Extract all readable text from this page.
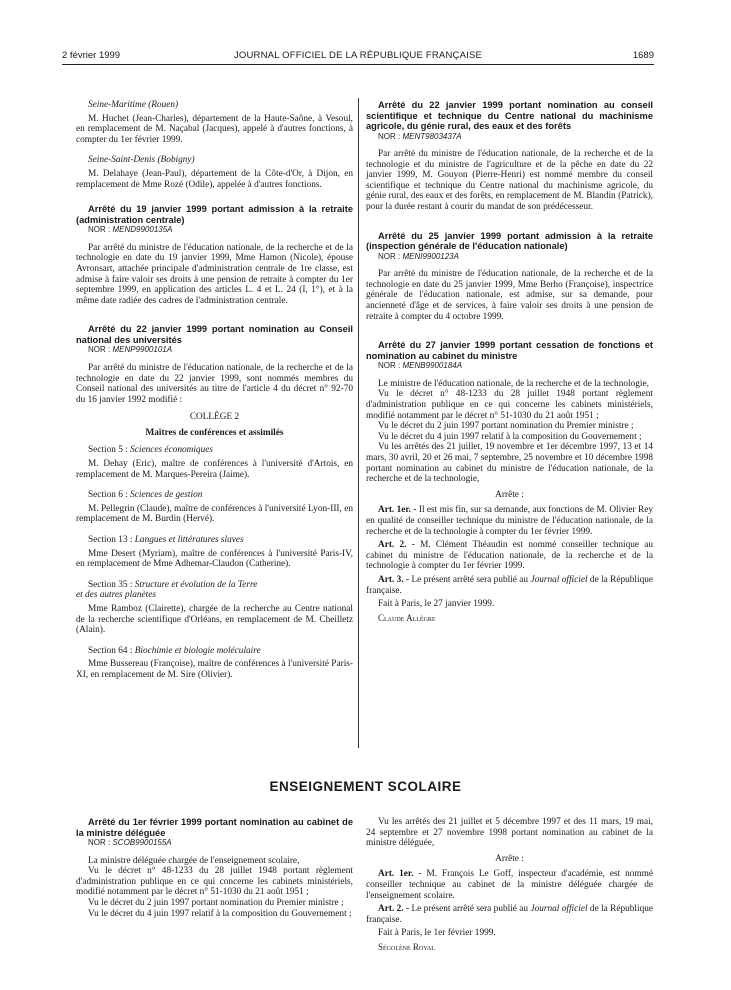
2 février 1999	JOURNAL OFFICIEL DE LA RÉPUBLIQUE FRANÇAISE	1689

Seine-Maritime (Rouen)

M. Huchet (Jean-Charles), département de la Haute-Saône, à Vesoul, en remplacement de M. Naçabal (Jacques), appelé à d'autres fonctions, à compter du 1er février 1999.

Seine-Saint-Denis (Bobigny)

M. Delahaye (Jean-Paul), département de la Côte-d'Or, à Dijon, en remplacement de Mme Rozé (Odile), appelée à d'autres fonctions.

Arrêté du 19 janvier 1999 portant admission à la retraite (administration centrale)

NOR : MEND9900135A

Par arrêté du ministre de l'éducation nationale, de la recherche et de la technologie en date du 19 janvier 1999, Mme Hamon (Nicole), épouse Avronsart, attachée principale d'administration centrale de 1re classe, est admise à faire valoir ses droits à une pension de retraite à compter du 1er septembre 1999, en application des articles L. 4 et L. 24 (I, 1°), et à la même date radiée des cadres de l'administration centrale.

Arrêté du 22 janvier 1999 portant nomination au Conseil national des universités

NOR : MENP9900101A

Par arrêté du ministre de l'éducation nationale, de la recherche et de la technologie en date du 22 janvier 1999, sont nommés membres du Conseil national des universités au titre de l'article 4 du décret n° 92-70 du 16 janvier 1992 modifié :

COLLÈGE 2

Maîtres de conférences et assimilés

Section 5 : Sciences économiques

M. Dehay (Eric), maître de conférences à l'université d'Artois, en remplacement de M. Marques-Pereira (Jaime).

Section 6 : Sciences de gestion

M. Pellegrin (Claude), maître de conférences à l'université Lyon-III, en remplacement de M. Burdin (Hervé).

Section 13 : Langues et littératures slaves

Mme Desert (Myriam), maître de conférences à l'université Paris-IV, en remplacement de Mme Adhemar-Claudon (Catherine).

Section 35 : Structure et évolution de la Terre
et des autres planètes

Mme Ramboz (Clairette), chargée de la recherche au Centre national de la recherche scientifique d'Orléans, en remplacement de M. Cheilletz (Alain).

Section 64 : Biochimie et biologie moléculaire

Mme Bussereau (Françoise), maître de conférences à l'université Paris-XI, en remplacement de M. Sire (Olivier).

Arrêté du 22 janvier 1999 portant nomination au conseil scientifique et technique du Centre national du machinisme agricole, du génie rural, des eaux et des forêts

NOR : MENT9803437A

Par arrêté du ministre de l'éducation nationale, de la recherche et de la technologie et du ministre de l'agriculture et de la pêche en date du 22 janvier 1999, M. Gouyon (Pierre-Henri) est nommé membre du conseil scientifique et technique du Centre national du machinisme agricole, du génie rural, des eaux et des forêts, en remplacement de M. Blandin (Patrick), pour la durée restant à courir du mandat de son prédécesseur.

Arrêté du 25 janvier 1999 portant admission à la retraite (inspection générale de l'éducation nationale)

NOR : MENI9900123A

Par arrêté du ministre de l'éducation nationale, de la recherche et de la technologie en date du 25 janvier 1999, Mme Berho (Françoise), inspectrice générale de l'éducation nationale, est admise, sur sa demande, pour ancienneté d'âge et de services, à faire valoir ses droits à une pension de retraite à compter du 4 octobre 1999.

Arrêté du 27 janvier 1999 portant cessation de fonctions et nomination au cabinet du ministre

NOR : MENB9900184A

Le ministre de l'éducation nationale, de la recherche et de la technologie,

Vu le décret n° 48-1233 du 28 juillet 1948 portant règlement d'administration publique en ce qui concerne les cabinets ministériels, modifié notamment par le décret n° 51-1030 du 21 août 1951 ;

Vu le décret du 2 juin 1997 portant nomination du Premier ministre ;

Vu le décret du 4 juin 1997 relatif à la composition du Gouvernement ;

Vu les arrêtés des 21 juillet, 19 novembre et 1er décembre 1997, 13 et 14 mars, 30 avril, 20 et 26 mai, 7 septembre, 25 novembre et 10 décembre 1998 portant nomination au cabinet du ministre de l'éducation nationale, de la recherche et de la technologie,

Arrête :

Art. 1er. - Il est mis fin, sur sa demande, aux fonctions de M. Olivier Rey en qualité de conseiller technique du ministre de l'éducation nationale, de la recherche et de la technologie à compter du 1er février 1999.

Art. 2. - M. Clément Théaudin est nommé conseiller technique au cabinet du ministre de l'éducation nationale, de la recherche et de la technologie à compter du 1er février 1999.

Art. 3. - Le présent arrêté sera publié au Journal officiel de la République française.

Fait à Paris, le 27 janvier 1999.

Claude Allègre

ENSEIGNEMENT SCOLAIRE

Arrêté du 1er février 1999 portant nomination au cabinet de la ministre déléguée

NOR : SCOB9900155A

La ministre déléguée chargée de l'enseignement scolaire,

Vu le décret n° 48-1233 du 28 juillet 1948 portant règlement d'administration publique en ce qui concerne les cabinets ministériels, modifié notamment par le décret n° 51-1030 du 21 août 1951 ;

Vu le décret du 2 juin 1997 portant nomination du Premier ministre ;

Vu le décret du 4 juin 1997 relatif à la composition du Gouvernement ;

Vu les arrêtés des 21 juillet et 5 décembre 1997 et des 11 mars, 19 mai, 24 septembre et 27 novembre 1998 portant nomination au cabinet de la ministre déléguée,

Arrête :

Art. 1er. - M. François Le Goff, inspecteur d'académie, est nommé conseiller technique au cabinet de la ministre déléguée chargée de l'enseignement scolaire.

Art. 2. - Le présent arrêté sera publié au Journal officiel de la République française.

Fait à Paris, le 1er février 1999.

Ségolène Royal
